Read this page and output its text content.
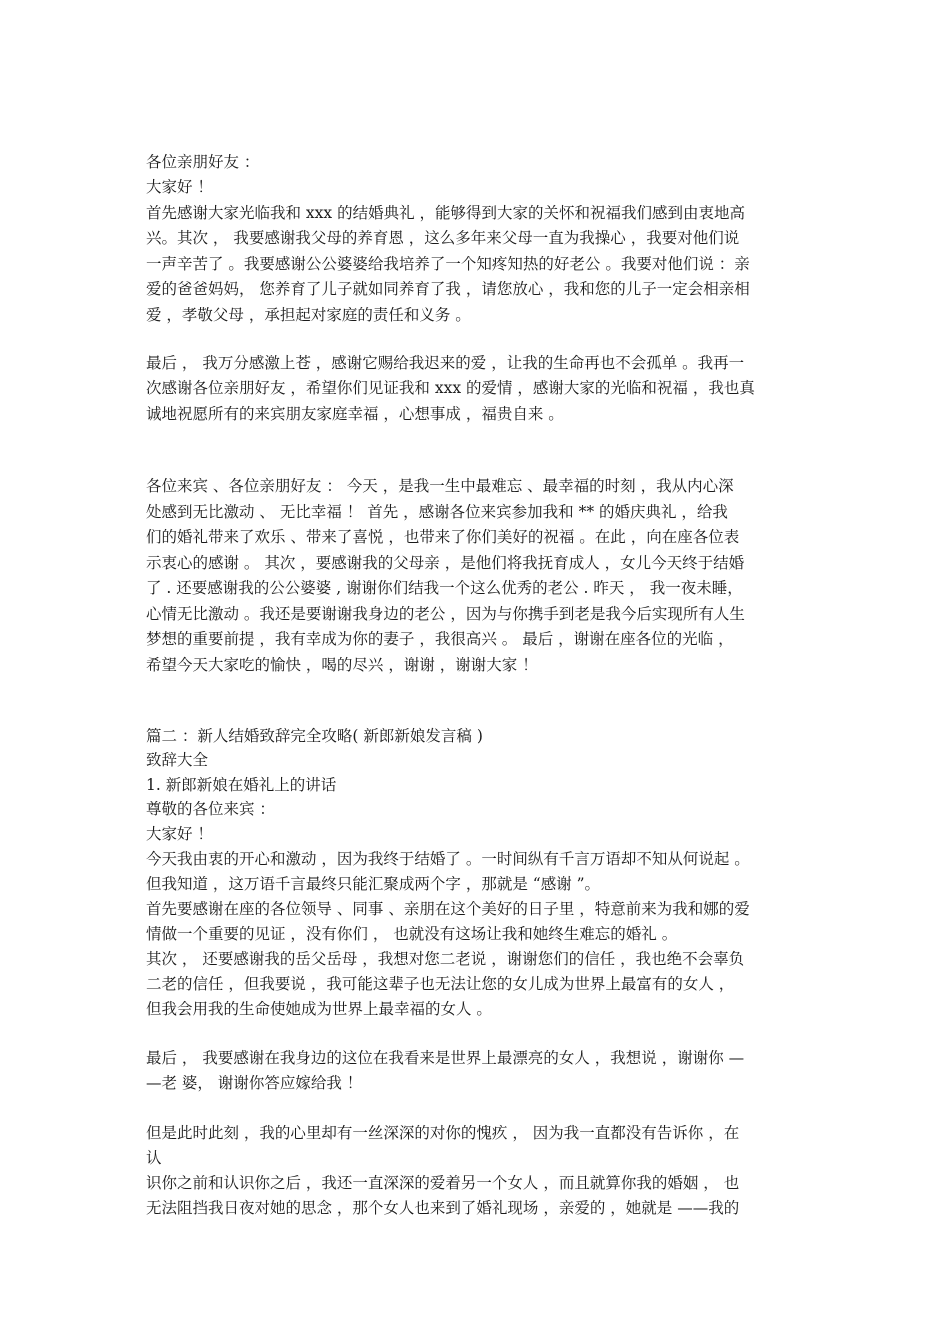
各位亲朋好友 ：
大家好 ！
首先感谢大家光临我和 xxx 的结婚典礼 ，能够得到大家的关怀和祝福我们感到由衷地高
兴。其次 ， 我要感谢我父母的养育恩 ，这么多年来父母一直为我操心 ，我要对他们说
一声辛苦了 。我要感谢公公婆婆给我培养了一个知疼知热的好老公 。我要对他们说 ：亲
爱的爸爸妈妈， 您养育了儿子就如同养育了我 ，请您放心 ，我和您的儿子一定会相亲相
爱 ，孝敬父母 ，承担起对家庭的责任和义务 。
最后 ， 我万分感激上苍 ，感谢它赐给我迟来的爱 ，让我的生命再也不会孤单 。我再一
次感谢各位亲朋好友 ，希望你们见证我和 xxx 的爱情 ，感谢大家的光临和祝福 ，我也真
诚地祝愿所有的来宾朋友家庭幸福 ，心想事成 ，福贵自来 。
各位来宾 、各位亲朋好友 ： 今天 ，是我一生中最难忘 、最幸福的时刻 ，我从内心深
处感到无比激动 、 无比幸福 ！ 首先 ，感谢各位来宾参加我和 ** 的婚庆典礼 ，给我
们的婚礼带来了欢乐 、带来了喜悦 ，也带来了你们美好的祝福 。在此 ，向在座各位表
示衷心的感谢 。 其次 ，要感谢我的父母亲 ，是他们将我抚育成人 ，女儿今天终于结婚
了 . 还要感谢我的公公婆婆 , 谢谢你们结我一个这么优秀的老公 . 昨天 ， 我一夜未睡，
心情无比激动 。我还是要谢谢我身边的老公 ，因为与你携手到老是我今后实现所有人生
梦想的重要前提 ，我有幸成为你的妻子 ，我很高兴 。 最后 ，谢谢在座各位的光临 ，
希望今天大家吃的愉快 ，喝的尽兴 ，谢谢 ，谢谢大家 ！
篇二 ：新人结婚致辞完全攻略( 新郎新娘发言稿 )
致辞大全
1. 新郎新娘在婚礼上的讲话
尊敬的各位来宾 ：
大家好 ！
今天我由衷的开心和激动 ，因为我终于结婚了 。一时间纵有千言万语却不知从何说起 。
但我知道 ，这万语千言最终只能汇聚成两个字 ，那就是 “感谢 ”。
首先要感谢在座的各位领导 、同事 、亲朋在这个美好的日子里 ，特意前来为我和娜的爱
情做一个重要的见证 ，没有你们 ， 也就没有这场让我和她终生难忘的婚礼 。
其次 ， 还要感谢我的岳父岳母 ，我想对您二老说 ，谢谢您们的信任 ，我也绝不会辜负
二老的信任 ，但我要说 ，我可能这辈子也无法让您的女儿成为世界上最富有的女人 ，
但我会用我的生命使她成为世界上最幸福的女人 。
最后 ， 我要感谢在我身边的这位在我看来是世界上最漂亮的女人 ，我想说 ，谢谢你 —
—老 婆， 谢谢你答应嫁给我 ！
但是此时此刻 ，我的心里却有一丝深深的对你的愧疚 ， 因为我一直都没有告诉你 ，在
认
识你之前和认识你之后 ，我还一直深深的爱着另一个女人 ，而且就算你我的婚姻 ， 也
无法阻挡我日夜对她的思念 ，那个女人也来到了婚礼现场 ，亲爱的 ，她就是 ——我的
